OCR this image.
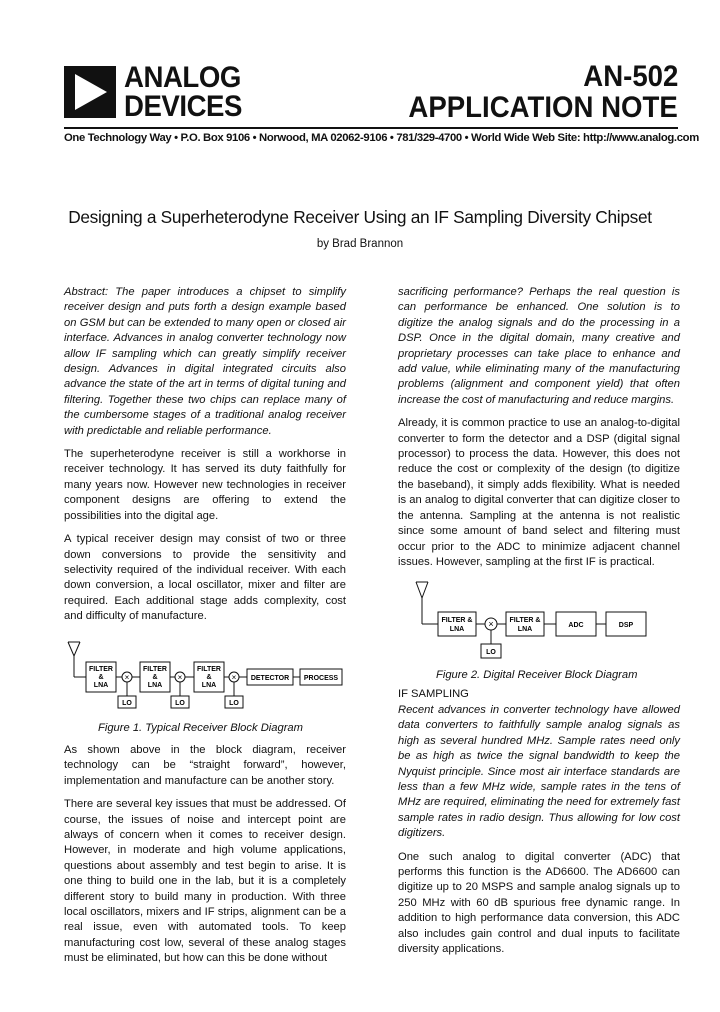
ANALOG
DEVICES
AN-502
APPLICATION NOTE
One Technology Way • P.O. Box 9106 • Norwood, MA 02062-9106 • 781/329-4700 • World Wide Web Site: http://www.analog.com
Designing a Superheterodyne Receiver Using an IF Sampling Diversity Chipset
by Brad Brannon

Abstract: The paper introduces a chipset to simplify receiver design and puts forth a design example based on GSM but can be extended to many open or closed air interface. Advances in analog converter technology now allow IF sampling which can greatly simplify receiver design. Advances in digital integrated circuits also advance the state of the art in terms of digital tuning and filtering. Together these two chips can replace many of the cumbersome stages of a traditional analog receiver with predictable and reliable performance.

The superheterodyne receiver is still a workhorse in receiver technology. It has served its duty faithfully for many years now. However new technologies in receiver component designs are offering to extend the possibilities into the digital age.

A typical receiver design may consist of two or three down conversions to provide the sensitivity and selectivity required of the individual receiver. With each down conversion, a local oscillator, mixer and filter are required. Each additional stage adds complexity, cost and difficulty of manufacture.

FILTER
&
LNA
×
LO
FILTER
&
LNA
×
LO
FILTER
&
LNA
×
LO
DETECTOR PROCESS
Figure 1. Typical Receiver Block Diagram

As shown above in the block diagram, receiver technology can be “straight forward”, however, implementation and manufacture can be another story.

There are several key issues that must be addressed. Of course, the issues of noise and intercept point are always of concern when it comes to receiver design. However, in moderate and high volume applications, questions about assembly and test begin to arise. It is one thing to build one in the lab, but it is a completely different story to build many in production. With three local oscillators, mixers and IF strips, alignment can be a real issue, even with automated tools. To keep manufacturing cost low, several of these analog stages must be eliminated, but how can this be done without

sacrificing performance? Perhaps the real question is can performance be enhanced. One solution is to digitize the analog signals and do the processing in a DSP. Once in the digital domain, many creative and proprietary processes can take place to enhance and add value, while eliminating many of the manufacturing problems (alignment and component yield) that often increase the cost of manufacturing and reduce margins.

Already, it is common practice to use an analog-to-digital converter to form the detector and a DSP (digital signal processor) to process the data. However, this does not reduce the cost or complexity of the design (to digitize the baseband), it simply adds flexibility. What is needed is an analog to digital converter that can digitize closer to the antenna. Sampling at the antenna is not realistic since some amount of band select and filtering must occur prior to the ADC to minimize adjacent channel issues. However, sampling at the first IF is practical.

FILTER &
LNA
×
LO
FILTER &
LNA
ADC	DSP
Figure 2. Digital Receiver Block Diagram
IF SAMPLING

Recent advances in converter technology have allowed data converters to faithfully sample analog signals as high as several hundred MHz. Sample rates need only be as high as twice the signal bandwidth to keep the Nyquist principle. Since most air interface standards are less than a few MHz wide, sample rates in the tens of MHz are required, eliminating the need for extremely fast sample rates in radio design. Thus allowing for low cost digitizers.

One such analog to digital converter (ADC) that performs this function is the AD6600. The AD6600 can digitize up to 20 MSPS and sample analog signals up to 250 MHz with 60 dB spurious free dynamic range. In addition to high performance data conversion, this ADC also includes gain control and dual inputs to facilitate diversity applications.
